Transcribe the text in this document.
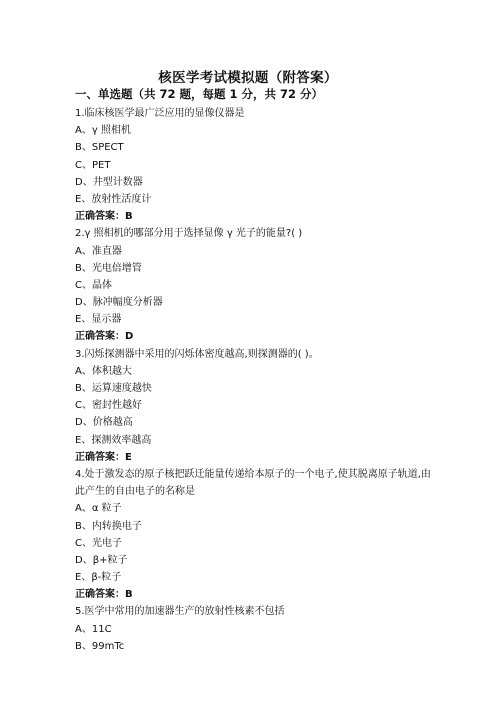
核医学考试模拟题（附答案）
一、单选题（共 72 题，每题 1 分，共 72 分）
1.临床核医学最广泛应用的显像仪器是
A、γ 照相机
B、SPECT
C、PET
D、井型计数器
E、放射性活度计
正确答案：B
2.γ 照相机的哪部分用于选择显像 γ 光子的能量?( )
A、准直器
B、光电倍增管
C、晶体
D、脉冲幅度分析器
E、显示器
正确答案：D
3.闪烁探测器中采用的闪烁体密度越高,则探测器的( )。
A、体积越大
B、运算速度越快
C、密封性越好
D、价格越高
E、探测效率越高
正确答案：E
4.处于激发态的原子核把跃迁能量传递给本原子的一个电子,使其脱离原子轨道,由此产生的自由电子的名称是
A、α 粒子
B、内转换电子
C、光电子
D、β+粒子
E、β-粒子
正确答案：B
5.医学中常用的加速器生产的放射性核素不包括
A、11C
B、99mTc
